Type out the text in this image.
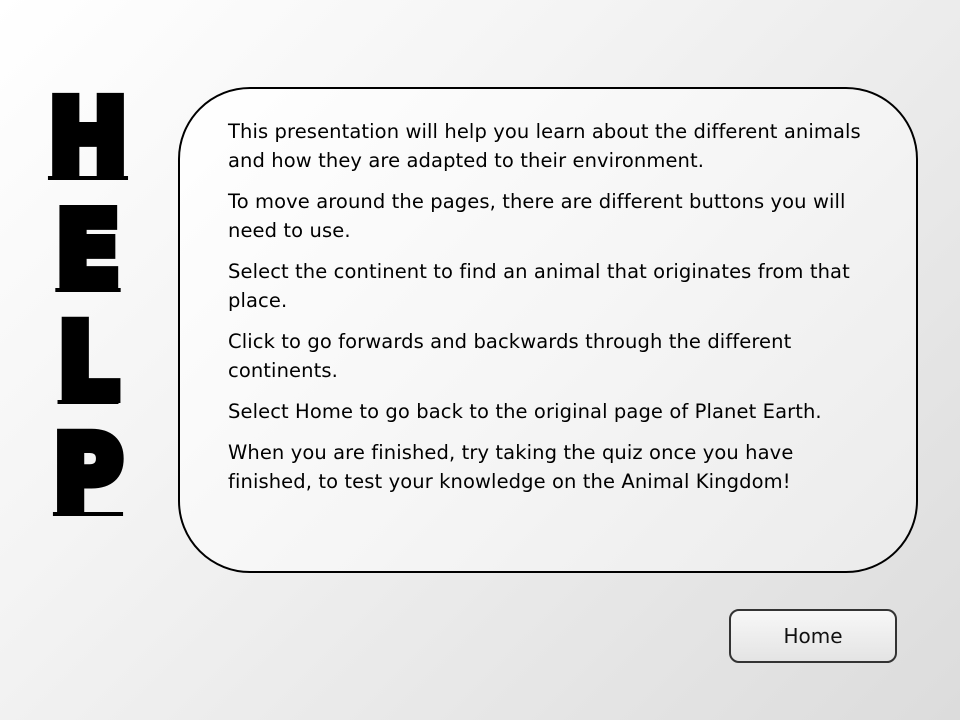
H
E
L
P

This presentation will help you learn about the different animals and how they are adapted to their environment.

To move around the pages, there are different buttons you will need to use.

Select the continent to find an animal that originates from that place.

Click to go forwards and backwards through the different continents.

Select Home to go back to the original page of Planet Earth.

When you are finished, try taking the quiz once you have finished, to test your knowledge on the Animal Kingdom!

Home
